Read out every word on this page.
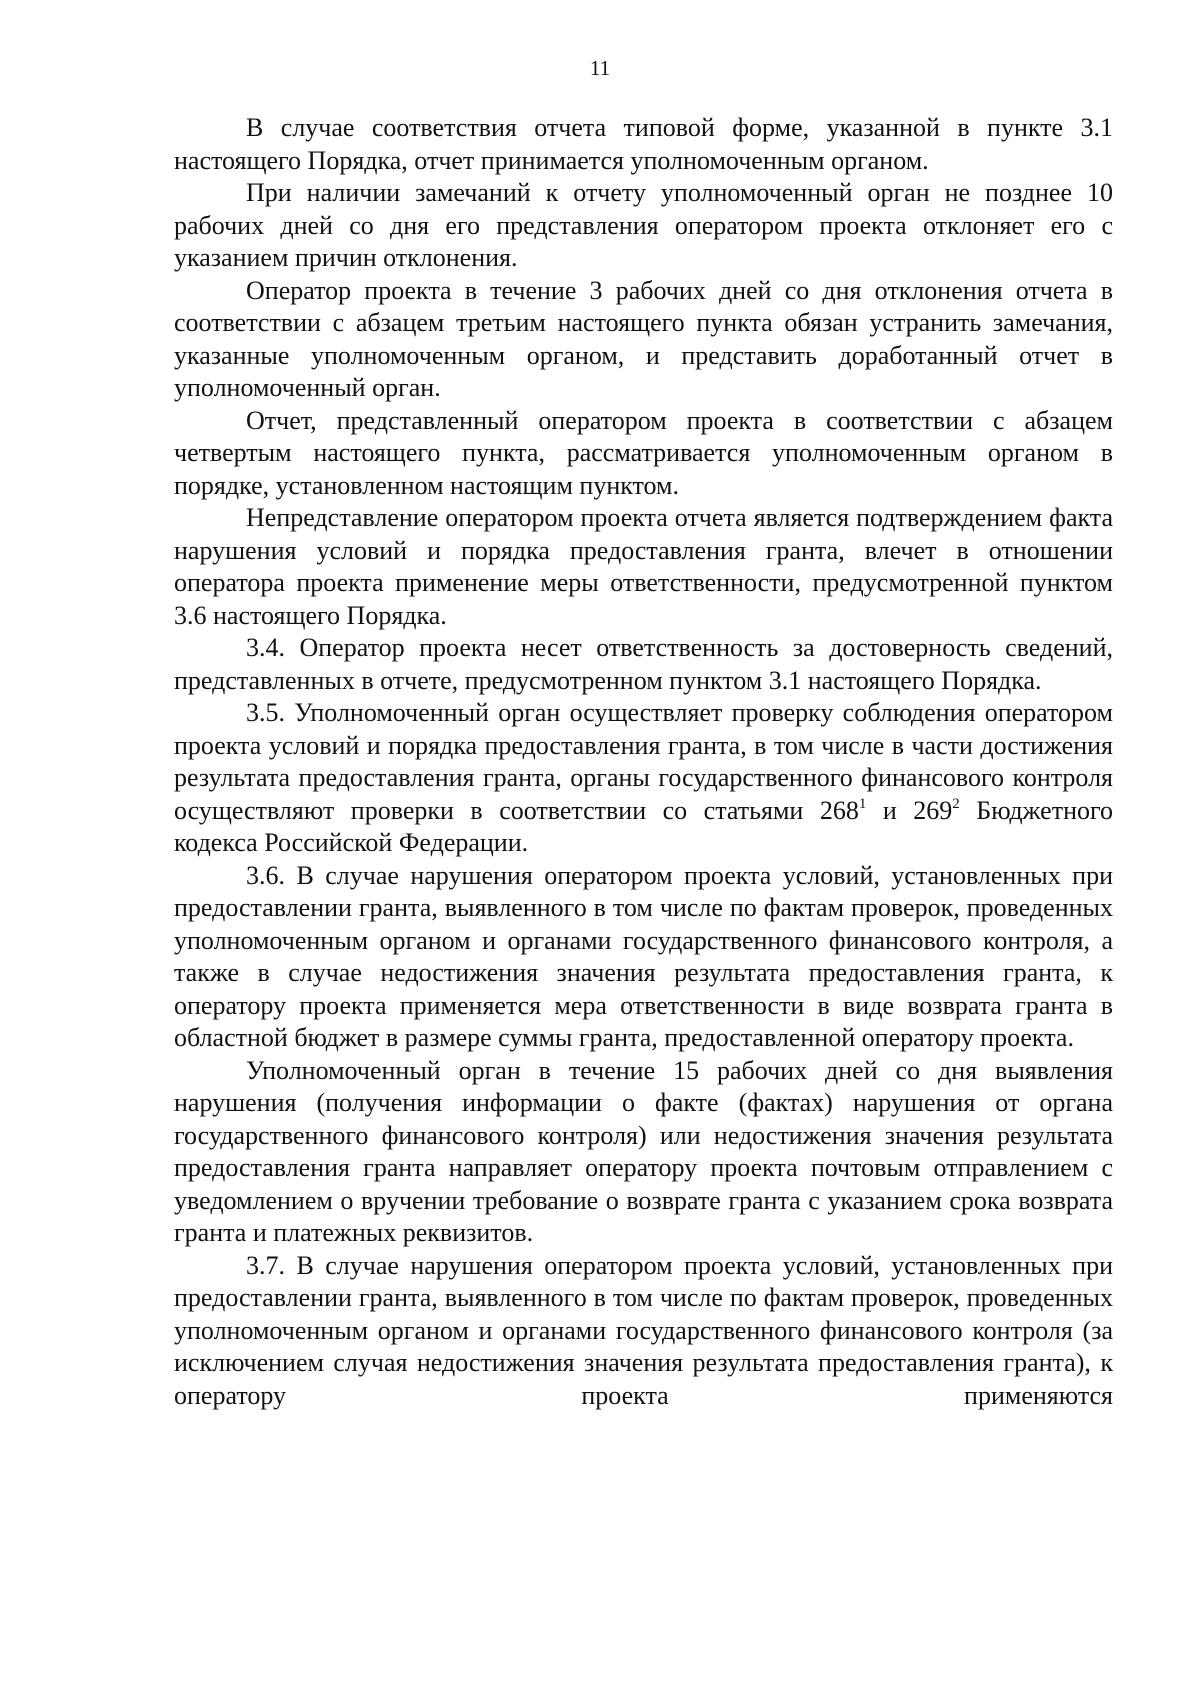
11

В случае соответствия отчета типовой форме, указанной в пункте 3.1 настоящего Порядка, отчет принимается уполномоченным органом.

При наличии замечаний к отчету уполномоченный орган не позднее 10 рабочих дней со дня его представления оператором проекта отклоняет его с указанием причин отклонения.

Оператор проекта в течение 3 рабочих дней со дня отклонения отчета в соответствии с абзацем третьим настоящего пункта обязан устранить замечания, указанные уполномоченным органом, и представить доработанный отчет в уполномоченный орган.

Отчет, представленный оператором проекта в соответствии с абзацем четвертым настоящего пункта, рассматривается уполномоченным органом в порядке, установленном настоящим пунктом.

Непредставление оператором проекта отчета является подтверждением факта нарушения условий и порядка предоставления гранта, влечет в отношении оператора проекта применение меры ответственности, предусмотренной пунктом 3.6 настоящего Порядка.

3.4. Оператор проекта несет ответственность за достоверность сведений, представленных в отчете, предусмотренном пунктом 3.1 настоящего Порядка.

3.5. Уполномоченный орган осуществляет проверку соблюдения оператором проекта условий и порядка предоставления гранта, в том числе в части достижения результата предоставления гранта, органы государственного финансового контроля осуществляют проверки в соответствии со статьями $268^1$ и $269^2$ Бюджетного кодекса Российской Федерации.

3.6. В случае нарушения оператором проекта условий, установленных при предоставлении гранта, выявленного в том числе по фактам проверок, проведенных уполномоченным органом и органами государственного финансового контроля, а также в случае недостижения значения результата предоставления гранта, к оператору проекта применяется мера ответственности в виде возврата гранта в областной бюджет в размере суммы гранта, предоставленной оператору проекта.

Уполномоченный орган в течение 15 рабочих дней со дня выявления нарушения (получения информации о факте (фактах) нарушения от органа государственного финансового контроля) или недостижения значения результата предоставления гранта направляет оператору проекта почтовым отправлением с уведомлением о вручении требование о возврате гранта с указанием срока возврата гранта и платежных реквизитов.

3.7. В случае нарушения оператором проекта условий, установленных при предоставлении гранта, выявленного в том числе по фактам проверок, проведенных уполномоченным органом и органами государственного финансового контроля (за исключением случая недостижения значения результата предоставления гранта), к оператору проекта применяются
